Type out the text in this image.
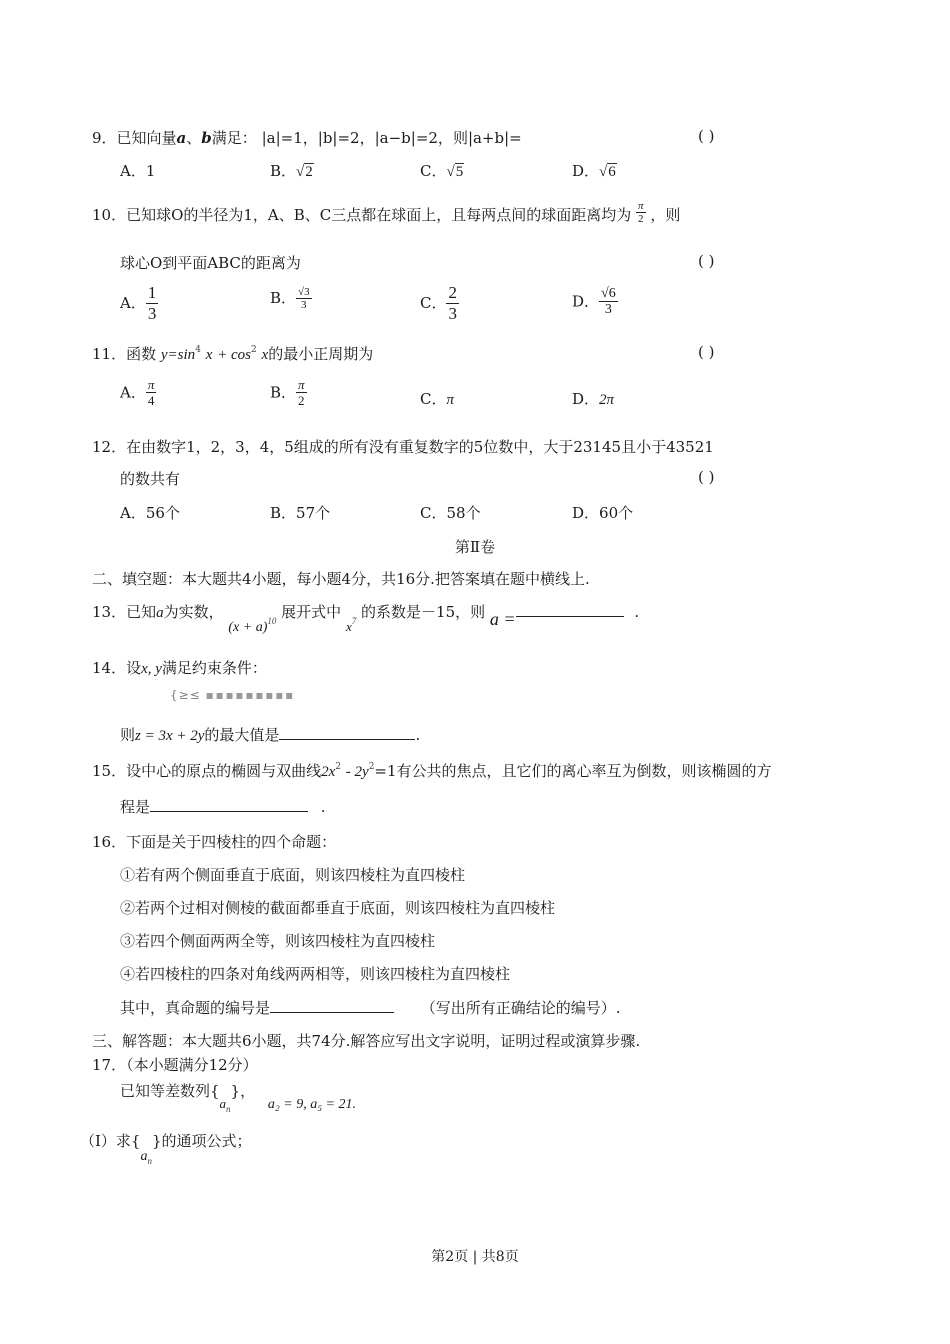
9．已知向量a、b满足： |a|=1，|b|=2，|a−b|=2，则|a+b|=	( )
A．1	B．√2	C．√5	D．√6
10．已知球O的半径为1，A、B、C三点都在球面上，且每两点间的球面距离均为 $\frac{\pi}{2}$ ，则
球心O到平面ABC的距离为	( )
A． $\frac{1}{3}$	B． $\frac{√3}{3}$	C． $\frac{2}{3}$	D． $\frac{√6}{3}$
11．函数 $y=\sin^4$ $x + \cos^2 x$的最小正周期为	( )
A． $\frac{\pi}{4}$	B． $\frac{\pi}{2}$	C．π	D．2π
12．在由数字1，2，3，4，5组成的所有没有重复数字的5位数中，大于23145且小于43521
的数共有	( )
A．56个	B．57个	C．58个	D．60个
第Ⅱ卷
二、填空题：本大题共4小题，每小题4分，共16分.把答案填在题中横线上.
13．已知a为实数， $(x + a)^{10}$ 展开式中 $x^7$ 的系数是－15，则 a =	.
14．设x, y满足约束条件：
{≥≤ ▪ ▪ ▪ ▪ ▪ ▪ ▪ ▪ ▪
则z = 3x + 2y的最大值是	.
15．设中心的原点的椭圆与双曲线$2x^2 - 2y^2=1$有公共的焦点，且它们的离心率互为倒数，则该椭圆的方
程是	.
16．下面是关于四棱柱的四个命题：
①若有两个侧面垂直于底面，则该四棱柱为直四棱柱
②若两个过相对侧棱的截面都垂直于底面，则该四棱柱为直四棱柱
③若四个侧面两两全等，则该四棱柱为直四棱柱
④若四棱柱的四条对角线两两相等，则该四棱柱为直四棱柱
其中，真命题的编号是	（写出所有正确结论的编号）.
三、解答题：本大题共6小题，共74分.解答应写出文字说明，证明过程或演算步骤.
17．（本小题满分12分）
已知等差数列$\{a_n\}$， a₂ = 9, a₅ = 21.
（Ⅰ）求$\{a_n\}$的通项公式；
第2页 | 共8页
